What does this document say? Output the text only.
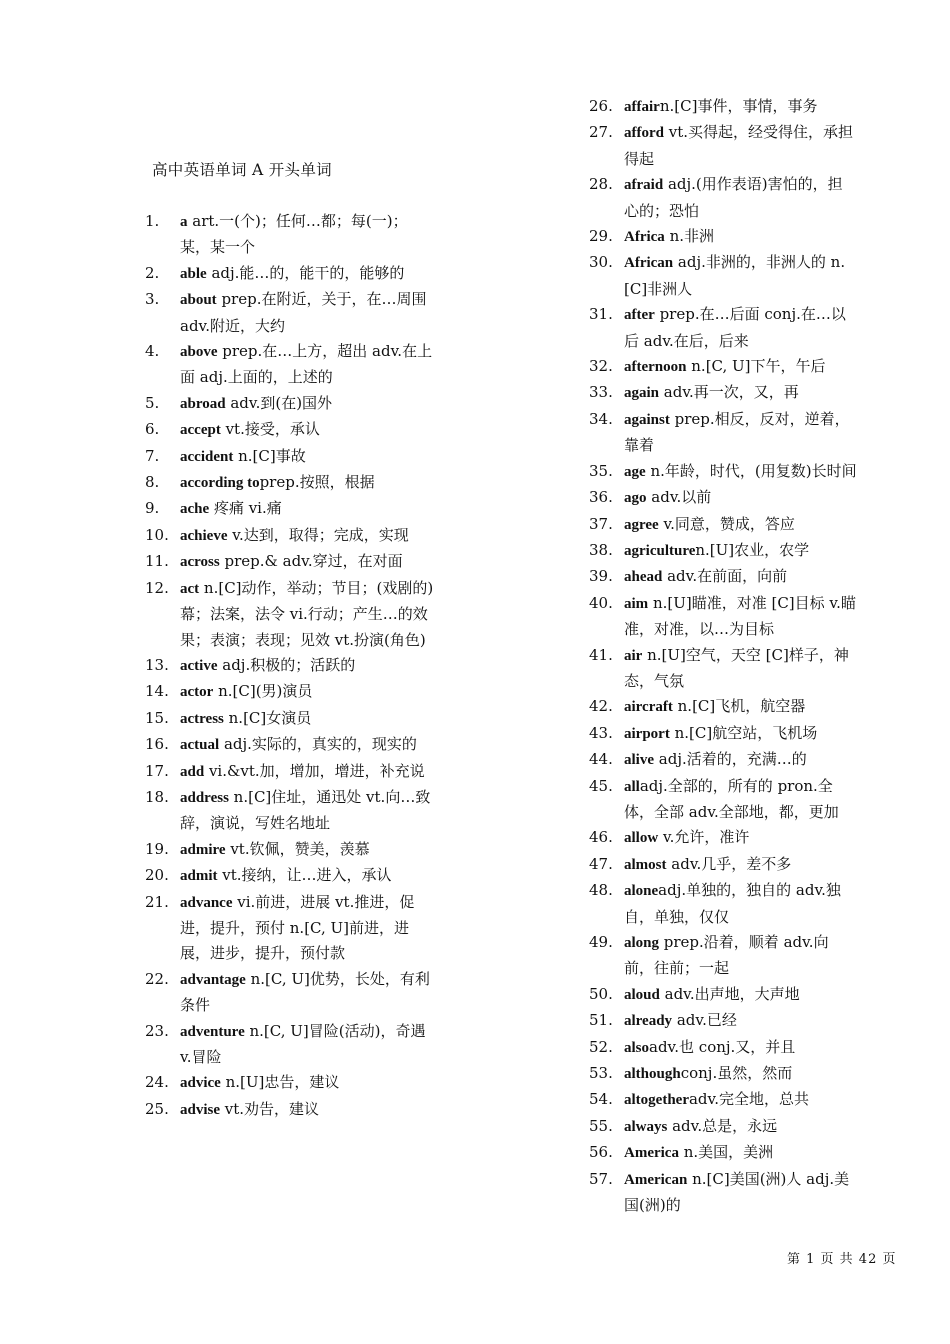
高中英语单词 A 开头单词
1.	a art.一(个)；任何…都；每(一)；某，某一个
2.	able adj.能…的，能干的，能够的
3.	about prep.在附近，关于，在…周围 adv.附近，大约
4.	above prep.在…上方，超出 adv.在上面 adj.上面的，上述的
5.	abroad adv.到(在)国外
6.	accept vt.接受，承认
7.	accident n.[C]事故
8.	according toprep.按照，根据
9.	ache 疼痛 vi.痛
10. achieve v.达到，取得；完成，实现
11. across prep.& adv.穿过，在对面
12. act n.[C]动作，举动；节目；(戏剧的)幕；法案，法令 vi.行动；产生…的效果；表演；表现；见效 vt.扮演(角色)
13. active adj.积极的；活跃的
14. actor n.[C](男)演员
15. actress n.[C]女演员
16. actual adj.实际的，真实的，现实的
17. add vi.&vt.加，增加，增进，补充说
18. address n.[C]住址，通迅处 vt.向…致辞，演说，写姓名地址
19. admire vt.钦佩，赞美，羡慕
20. admit vt.接纳，让…进入，承认
21. advance vi.前进，进展 vt.推进，促进，提升，预付 n.[C, U]前进，进展，进步，提升，预付款
22. advantage n.[C, U]优势，长处，有利条件
23. adventure n.[C, U]冒险(活动)，奇遇 v.冒险
24. advice n.[U]忠告，建议
25. advise vt.劝告，建议
26. affairn.[C]事件，事情，事务
27. afford vt.买得起，经受得住，承担得起
28. afraid adj.(用作表语)害怕的，担心的；恐怕
29. Africa n.非洲
30. African adj.非洲的，非洲人的 n.[C]非洲人
31. after prep.在…后面 conj.在…以后 adv.在后，后来
32. afternoon n.[C, U]下午，午后
33. again adv.再一次，又，再
34. against prep.相反，反对，逆着，靠着
35. age n.年龄，时代，(用复数)长时间
36. ago adv.以前
37. agree v.同意，赞成，答应
38. agriculturen.[U]农业，农学
39. ahead adv.在前面，向前
40. aim n.[U]瞄准，对准 [C]目标 v.瞄准，对准，以…为目标
41. air n.[U]空气，天空 [C]样子，神态，气氛
42. aircraft n.[C]飞机，航空器
43. airport n.[C]航空站，飞机场
44. alive adj.活着的，充满…的
45. alladj.全部的，所有的 pron.全体，全部 adv.全部地，都，更加
46. allow v.允许，准许
47. almost adv.几乎，差不多
48. aloneadj.单独的，独自的 adv.独自，单独，仅仅
49. along prep.沿着，顺着 adv.向前，往前；一起
50. aloud adv.出声地，大声地
51. already adv.已经
52. alsoadv.也 conj.又，并且
53. althoughconj.虽然，然而
54. altogetheradv.完全地，总共
55. always adv.总是，永远
56. America n.美国，美洲
57. American n.[C]美国(洲)人 adj.美国(洲)的
第 1 页 共 42 页
